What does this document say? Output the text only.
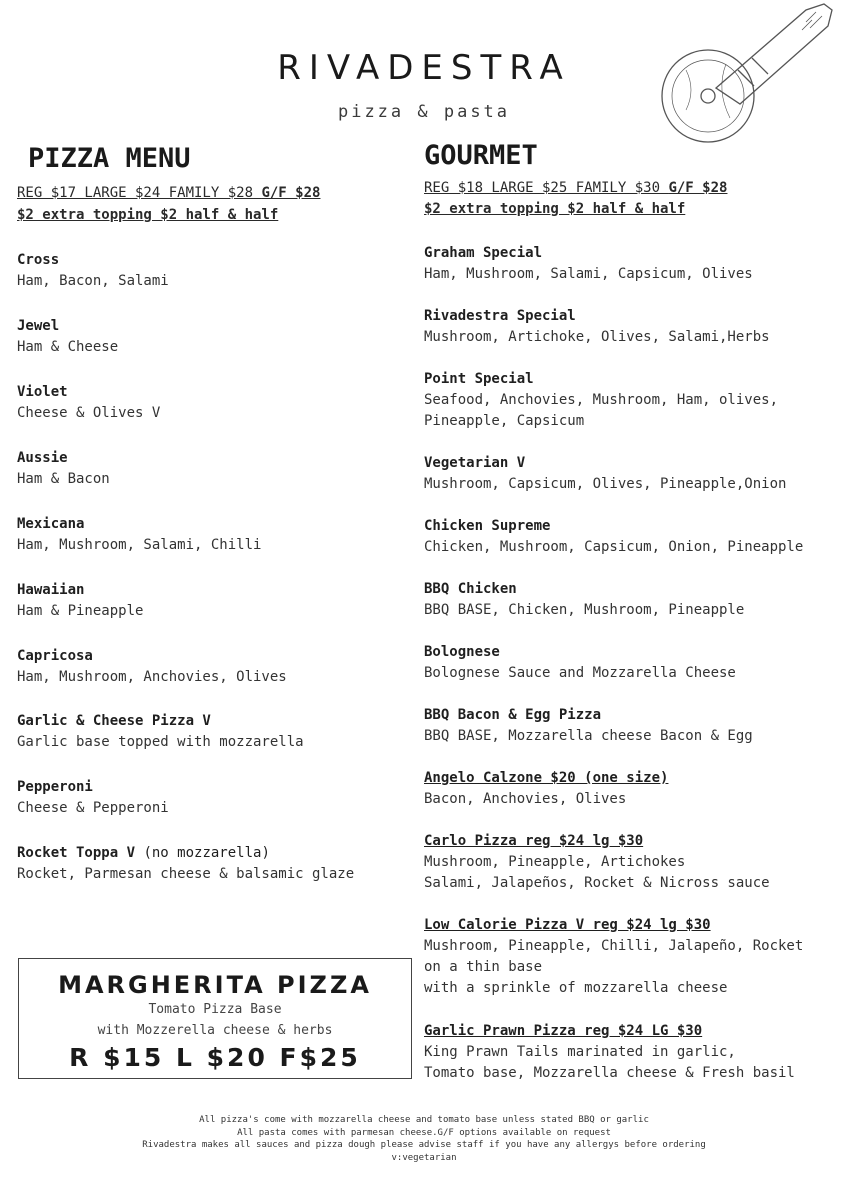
RIVADESTRA
pizza & pasta
PIZZA MENU
REG $17 LARGE $24 FAMILY $28 G/F $28
$2 extra topping $2 half & half
Cross
Ham, Bacon, Salami
Jewel
Ham & Cheese
Violet
Cheese & Olives V
Aussie
Ham & Bacon
Mexicana
Ham, Mushroom, Salami, Chilli
Hawaiian
Ham & Pineapple
Capricosa
Ham, Mushroom, Anchovies, Olives
Garlic & Cheese Pizza V
Garlic base topped with mozzarella
Pepperoni
Cheese & Pepperoni
Rocket Toppa V (no mozzarella)
Rocket, Parmesan cheese & balsamic glaze
GOURMET
REG $18 LARGE $25 FAMILY $30 G/F $28
$2 extra topping $2 half & half
Graham Special
Ham, Mushroom, Salami, Capsicum, Olives
Rivadestra Special
Mushroom, Artichoke, Olives, Salami,Herbs
Point Special
Seafood, Anchovies, Mushroom, Ham, olives,
Pineapple, Capsicum
Vegetarian V
Mushroom, Capsicum, Olives, Pineapple,Onion
Chicken Supreme
Chicken, Mushroom, Capsicum, Onion, Pineapple
BBQ Chicken
BBQ BASE, Chicken, Mushroom, Pineapple
Bolognese
Bolognese Sauce and Mozzarella Cheese
BBQ Bacon & Egg Pizza
BBQ BASE, Mozzarella cheese Bacon & Egg
Angelo Calzone $20 (one size)
Bacon, Anchovies, Olives
Carlo Pizza reg $24 lg $30
Mushroom, Pineapple, Artichokes
Salami, Jalapeños, Rocket & Nicross sauce
Low Calorie Pizza V reg $24 lg $30
Mushroom, Pineapple, Chilli, Jalapeño, Rocket
on a thin base
with a sprinkle of mozzarella cheese
Garlic Prawn Pizza reg $24 LG $30
King Prawn Tails marinated in garlic,
Tomato base, Mozzarella cheese & Fresh basil
MARGHERITA PIZZA
Tomato Pizza Base
with Mozzerella cheese & herbs
R $15 L $20 F$25
All pizza's come with mozzarella cheese and tomato base unless stated BBQ or garlic
All pasta comes with parmesan cheese.G/F options available on request
Rivadestra makes all sauces and pizza dough please advise staff if you have any allergys before ordering
v:vegetarian
